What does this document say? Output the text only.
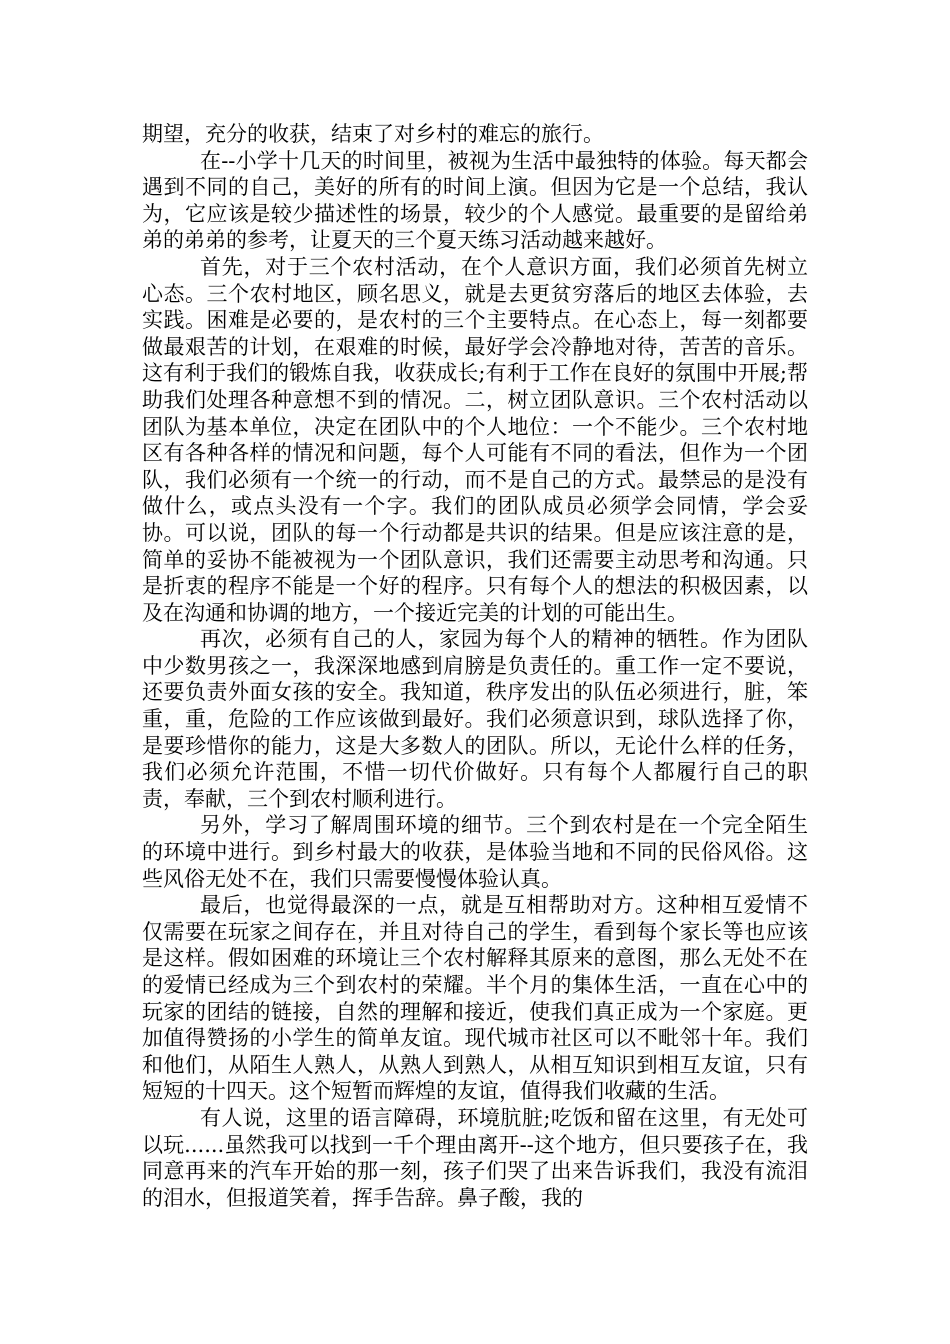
期望，充分的收获，结束了对乡村的难忘的旅行。

在--小学十几天的时间里，被视为生活中最独特的体验。每天都会遇到不同的自己，美好的所有的时间上演。但因为它是一个总结，我认为，它应该是较少描述性的场景，较少的个人感觉。最重要的是留给弟弟的弟弟的参考，让夏天的三个夏天练习活动越来越好。

首先，对于三个农村活动，在个人意识方面，我们必须首先树立心态。三个农村地区，顾名思义，就是去更贫穷落后的地区去体验，去实践。困难是必要的，是农村的三个主要特点。在心态上，每一刻都要做最艰苦的计划，在艰难的时候，最好学会冷静地对待，苦苦的音乐。这有利于我们的锻炼自我，收获成长;有利于工作在良好的氛围中开展;帮助我们处理各种意想不到的情况。二，树立团队意识。三个农村活动以团队为基本单位，决定在团队中的个人地位：一个不能少。三个农村地区有各种各样的情况和问题，每个人可能有不同的看法，但作为一个团队，我们必须有一个统一的行动，而不是自己的方式。最禁忌的是没有做什么，或点头没有一个字。我们的团队成员必须学会同情，学会妥协。可以说，团队的每一个行动都是共识的结果。但是应该注意的是，简单的妥协不能被视为一个团队意识，我们还需要主动思考和沟通。只是折衷的程序不能是一个好的程序。只有每个人的想法的积极因素，以及在沟通和协调的地方，一个接近完美的计划的可能出生。

再次，必须有自己的人，家园为每个人的精神的牺牲。作为团队中少数男孩之一，我深深地感到肩膀是负责任的。重工作一定不要说，还要负责外面女孩的安全。我知道，秩序发出的队伍必须进行，脏，笨重，重，危险的工作应该做到最好。我们必须意识到，球队选择了你，是要珍惜你的能力，这是大多数人的团队。所以，无论什么样的任务，我们必须允许范围，不惜一切代价做好。只有每个人都履行自己的职责，奉献，三个到农村顺利进行。

另外，学习了解周围环境的细节。三个到农村是在一个完全陌生的环境中进行。到乡村最大的收获，是体验当地和不同的民俗风俗。这些风俗无处不在，我们只需要慢慢体验认真。

最后，也觉得最深的一点，就是互相帮助对方。这种相互爱情不仅需要在玩家之间存在，并且对待自己的学生，看到每个家长等也应该是这样。假如困难的环境让三个农村解释其原来的意图，那么无处不在的爱情已经成为三个到农村的荣耀。半个月的集体生活，一直在心中的玩家的团结的链接，自然的理解和接近，使我们真正成为一个家庭。更加值得赞扬的小学生的简单友谊。现代城市社区可以不毗邻十年。我们和他们，从陌生人熟人，从熟人到熟人，从相互知识到相互友谊，只有短短的十四天。这个短暂而辉煌的友谊，值得我们收藏的生活。

有人说，这里的语言障碍，环境肮脏;吃饭和留在这里，有无处可以玩......虽然我可以找到一千个理由离开--这个地方，但只要孩子在，我同意再来的汽车开始的那一刻，孩子们哭了出来告诉我们，我没有流泪的泪水，但报道笑着，挥手告辞。鼻子酸，我的
